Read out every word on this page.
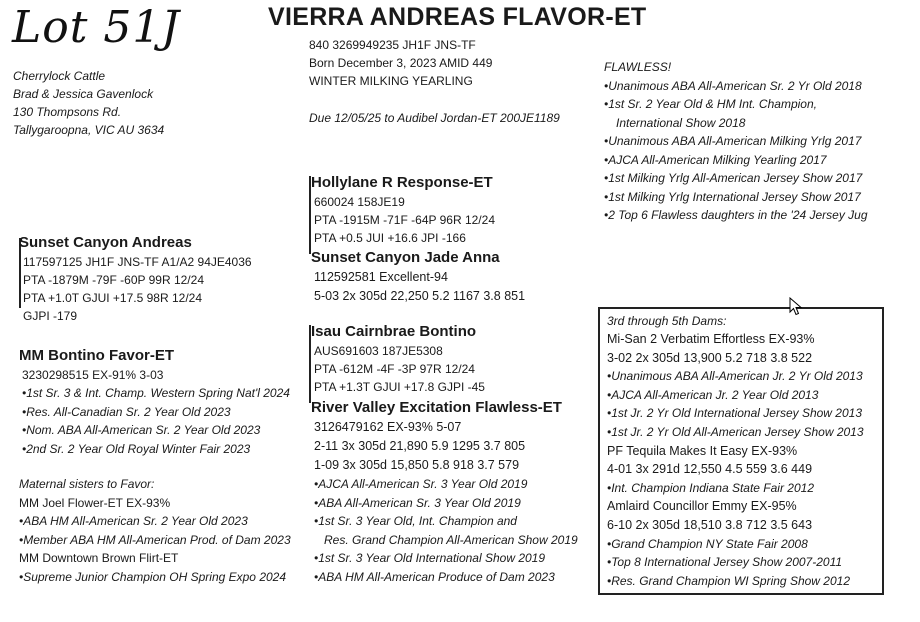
Lot 51J	VIERRA ANDREAS FLAVOR-ET
Cherrylock Cattle
Brad & Jessica Gavenlock
130 Thompsons Rd.
Tallygaroopna, VIC AU 3634
840 3269949235 JH1F JNS-TF
Born December 3, 2023 AMID 449
WINTER MILKING YEARLING
Due 12/05/25 to Audibel Jordan-ET 200JE1189
FLAWLESS!
•Unanimous ABA All-American Sr. 2 Yr Old 2018
•1st Sr. 2 Year Old & HM Int. Champion,
International Show 2018
•Unanimous ABA All-American Milking Yrlg 2017
•AJCA All-American Milking Yearling 2017
•1st Milking Yrlg All-American Jersey Show 2017
•1st Milking Yrlg International Jersey Show 2017
•2 Top 6 Flawless daughters in the '24 Jersey Jug
Sunset Canyon Andreas
117597125 JH1F JNS-TF A1/A2 94JE4036
PTA -1879M -79F -60P 99R 12/24
PTA +1.0T GJUI +17.5 98R 12/24
GJPI -179
Hollylane R Response-ET
660024 158JE19
PTA -1915M -71F -64P 96R 12/24
PTA +0.5 JUI +16.6 JPI -166
Sunset Canyon Jade Anna
112592581 Excellent-94
5-03 2x 305d 22,250 5.2 1167 3.8 851
MM Bontino Favor-ET
3230298515 EX-91% 3-03
•1st Sr. 3 & Int. Champ. Western Spring Nat'l 2024
•Res. All-Canadian Sr. 2 Year Old 2023
•Nom. ABA All-American Sr. 2 Year Old 2023
•2nd Sr. 2 Year Old Royal Winter Fair 2023
Maternal sisters to Favor:
MM Joel Flower-ET EX-93%
•ABA HM All-American Sr. 2 Year Old 2023
•Member ABA HM All-American Prod. of Dam 2023
MM Downtown Brown Flirt-ET
•Supreme Junior Champion OH Spring Expo 2024
Isau Cairnbrae Bontino
AUS691603 187JE5308
PTA -612M -4F -3P 97R 12/24
PTA +1.3T GJUI +17.8 GJPI -45
River Valley Excitation Flawless-ET
3126479162 EX-93% 5-07
2-11 3x 305d 21,890 5.9 1295 3.7 805
1-09 3x 305d 15,850 5.8 918 3.7 579
•AJCA All-American Sr. 3 Year Old 2019
•ABA All-American Sr. 3 Year Old 2019
•1st Sr. 3 Year Old, Int. Champion and
Res. Grand Champion All-American Show 2019
•1st Sr. 3 Year Old International Show 2019
•ABA HM All-American Produce of Dam 2023
3rd through 5th Dams:
Mi-San 2 Verbatim Effortless EX-93%
3-02 2x 305d 13,900 5.2 718 3.8 522
•Unanimous ABA All-American Jr. 2 Yr Old 2013
•AJCA All-American Jr. 2 Year Old 2013
•1st Jr. 2 Yr Old International Jersey Show 2013
•1st Jr. 2 Yr Old All-American Jersey Show 2013
PF Tequila Makes It Easy EX-93%
4-01 3x 291d 12,550 4.5 559 3.6 449
•Int. Champion Indiana State Fair 2012
Amlaird Councillor Emmy EX-95%
6-10 2x 305d 18,510 3.8 712 3.5 643
•Grand Champion NY State Fair 2008
•Top 8 International Jersey Show 2007-2011
•Res. Grand Champion WI Spring Show 2012
